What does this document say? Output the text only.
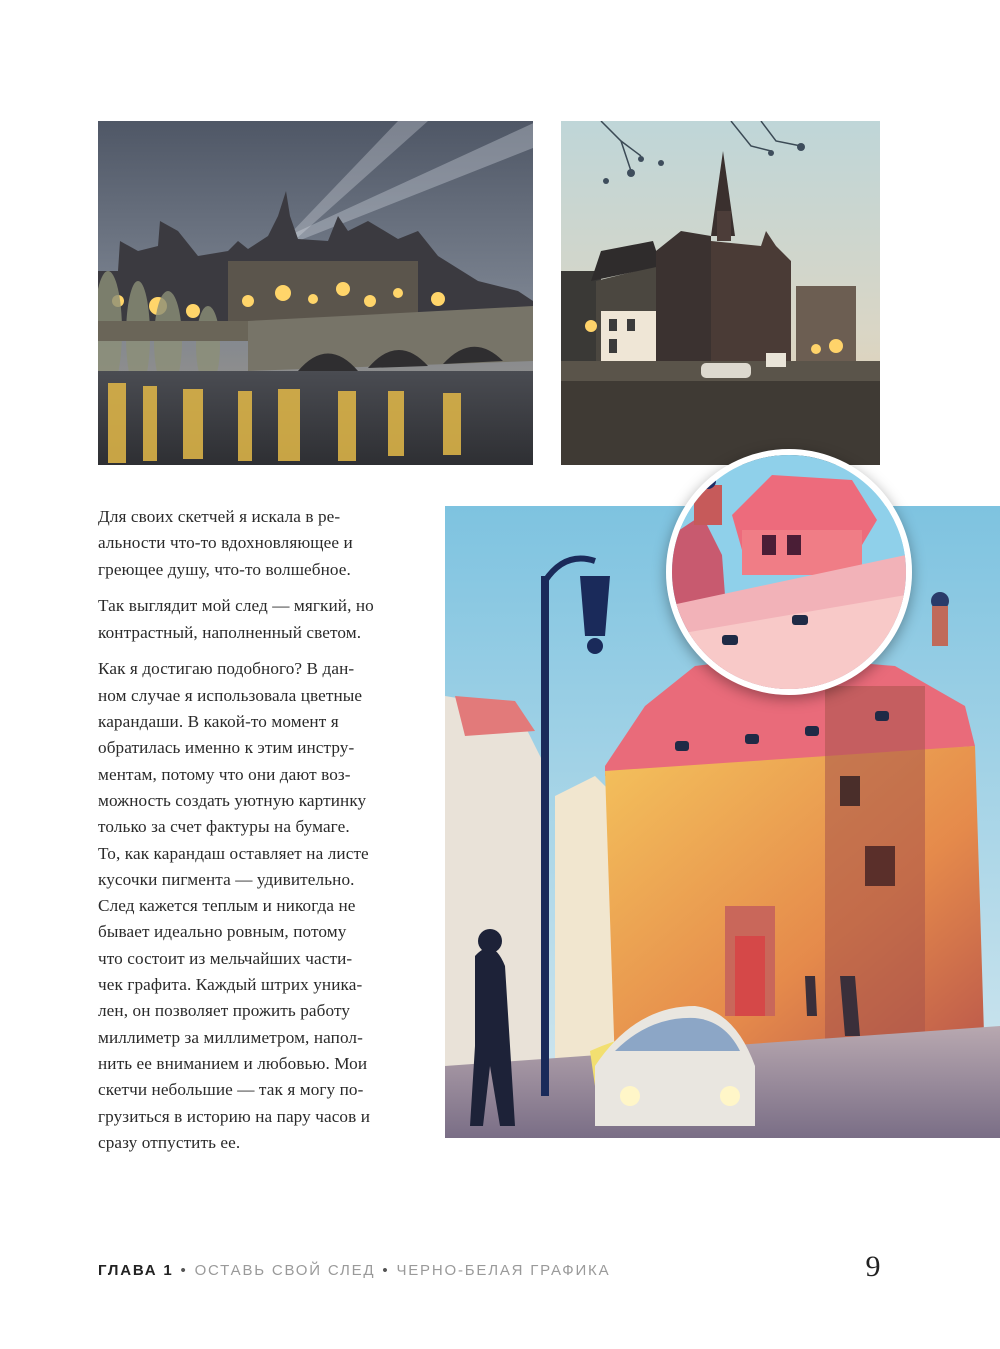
Для своих скетчей я искала в ре-
альности что-то вдохновляющее и
греющее душу, что-то волшебное.

Так выглядит мой след — мягкий, но
контрастный, наполненный светом.

Как я достигаю подобного? В дан-
ном случае я использовала цветные
карандаши. В какой-то момент я
обратилась именно к этим инстру-
ментам, потому что они дают воз-
можность создать уютную картинку
только за счет фактуры на бумаге.
То, как карандаш оставляет на листе
кусочки пигмента — удивительно.
След кажется теплым и никогда не
бывает идеально ровным, потому
что состоит из мельчайших части-
чек графита. Каждый штрих уника-
лен, он позволяет прожить работу
миллиметр за миллиметром, напол-
нить ее вниманием и любовью. Мои
скетчи небольшие — так я могу по-
грузиться в историю на пару часов и
сразу отпустить ее.

ГЛАВА 1 • ОСТАВЬ СВОЙ СЛЕД • ЧЕРНО-БЕЛАЯ ГРАФИКА	9
